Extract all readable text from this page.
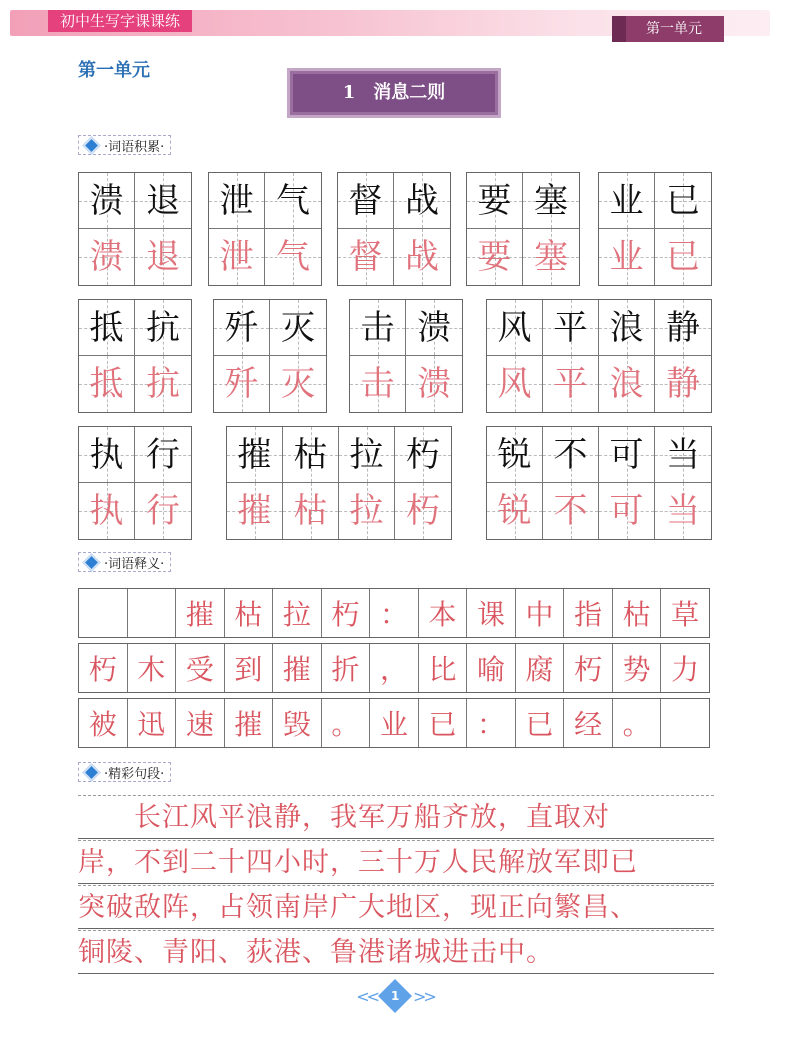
初中生写字课课练	第一单元
第一单元
1　 消息二则
·词语积累·
溃
溃
退
退
泄
泄
气
气
督
督
战
战
要
要
塞
塞
业
业
已
已
抵
抵
抗
抗
歼
歼
灭
灭
击
击
溃
溃
风
风
平
平
浪
浪
静
静
执
执
行
行
摧
摧
枯
枯
拉
拉
朽
朽
锐
锐
不
不
可
可
当
当
·词语释义·
摧 枯 拉 朽 ： 本 课 中 指 枯 草
朽 木 受 到 摧 折 ， 比 喻 腐 朽 势 力
被 迅 速 摧 毁 。 业 已 ： 已 经 。
·精彩句段·
　　长江风平浪静，我军万船齐放，直取对
岸，不到二十四小时，三十万人民解放军即已
突破敌阵，占领南岸广大地区，现正向繁昌、
铜陵、青阳、荻港、鲁港诸城进击中。
<< 1 >>
